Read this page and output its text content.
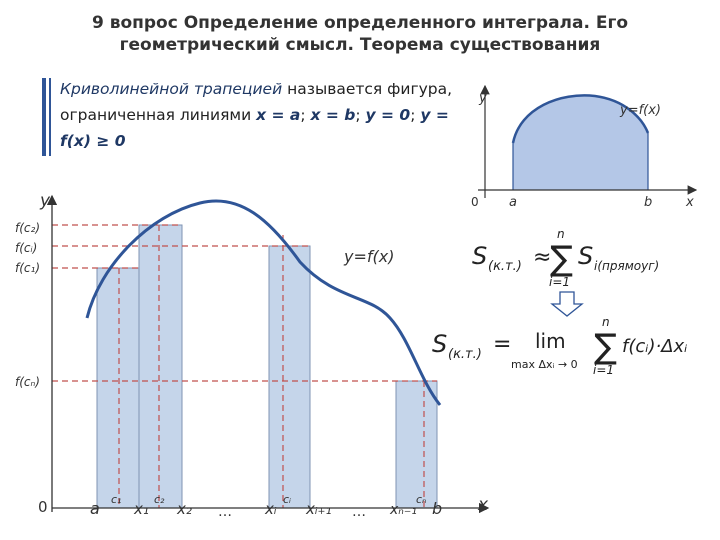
9 вопрос Определение определенного интеграла. Его
геометрический смысл. Теорема существования
Криволинейной трапецией называется фигура, ограниченная линиями x = a; x = b; y = 0; y = f(x) ≥ 0
y
x
0 a	b
y=f(x)
S (к.т.) ≈
n
∑
i=1
S i(прямоуг)
S (к.т.) = lim
max Δxᵢ → 0
n
∑
i=1
f(cᵢ)·Δxᵢ
y
x
0
y=f(x)
f(c₂)
f(cᵢ)
f(c₁)
f(cₙ)
a x₁ x₂ … xᵢ xᵢ₊₁ … xₙ₋₁ b
c₁	c₂	cᵢ	cₙ
